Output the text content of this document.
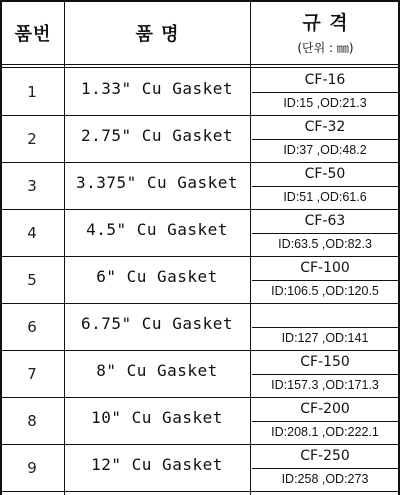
품번	품 명
규 격
(단위 : ㎜)
1	1.33" Cu Gasket	CF-16
ID:15 ,OD:21.3
2	2.75" Cu Gasket	CF-32
ID:37 ,OD:48.2
3	3.375" Cu Gasket	CF-50
ID:51 ,OD:61.6
4	4.5" Cu Gasket	CF-63
ID:63.5 ,OD:82.3
5	6" Cu Gasket	CF-100
ID:106.5 ,OD:120.5
6	6.75" Cu Gasket
ID:127 ,OD:141
7	8" Cu Gasket	CF-150
ID:157.3 ,OD:171.3
8	10" Cu Gasket	CF-200
ID:208.1 ,OD:222.1
9	12" Cu Gasket	CF-250
ID:258 ,OD:273
